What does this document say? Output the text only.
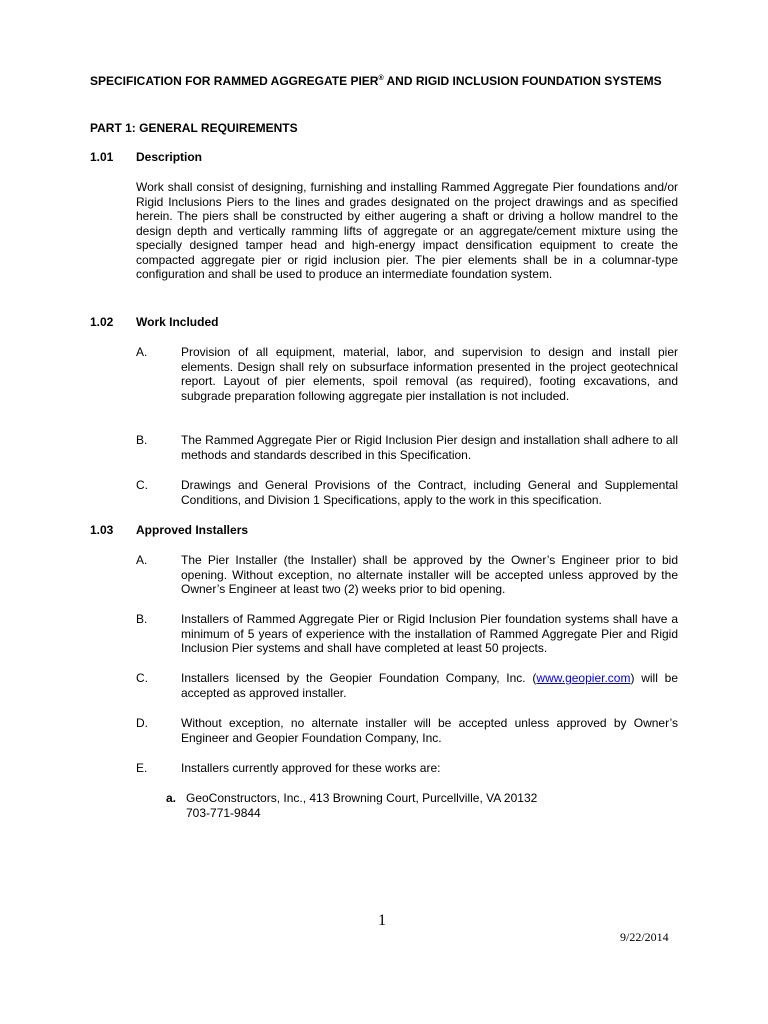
SPECIFICATION FOR RAMMED AGGREGATE PIER® AND RIGID INCLUSION FOUNDATION SYSTEMS
PART 1: GENERAL REQUIREMENTS
1.01 Description

Work shall consist of designing, furnishing and installing Rammed Aggregate Pier foundations and/or Rigid Inclusions Piers to the lines and grades designated on the project drawings and as specified herein. The piers shall be constructed by either augering a shaft or driving a hollow mandrel to the design depth and vertically ramming lifts of aggregate or an aggregate/cement mixture using the specially designed tamper head and high-energy impact densification equipment to create the compacted aggregate pier or rigid inclusion pier. The pier elements shall be in a columnar-type configuration and shall be used to produce an intermediate foundation system.

1.02 Work Included
A.	Provision of all equipment, material, labor, and supervision to design and install pier elements. Design shall rely on subsurface information presented in the project geotechnical report. Layout of pier elements, spoil removal (as required), footing excavations, and subgrade preparation following aggregate pier installation is not included.

B.	The Rammed Aggregate Pier or Rigid Inclusion Pier design and installation shall adhere to all methods and standards described in this Specification.

C.	Drawings and General Provisions of the Contract, including General and Supplemental Conditions, and Division 1 Specifications, apply to the work in this specification.

1.03 Approved Installers
A.	The Pier Installer (the Installer) shall be approved by the Owner’s Engineer prior to bid opening. Without exception, no alternate installer will be accepted unless approved by the Owner’s Engineer at least two (2) weeks prior to bid opening.

B.	Installers of Rammed Aggregate Pier or Rigid Inclusion Pier foundation systems shall have a minimum of 5 years of experience with the installation of Rammed Aggregate Pier and Rigid Inclusion Pier systems and shall have completed at least 50 projects.

C.	Installers licensed by the Geopier Foundation Company, Inc. (www.geopier.com) will be accepted as approved installer.

D.	Without exception, no alternate installer will be accepted unless approved by Owner’s Engineer and Geopier Foundation Company, Inc.

E.	Installers currently approved for these works are:

a. GeoConstructors, Inc., 413 Browning Court, Purcellville, VA 20132
703-771-9844
1
9/22/2014
